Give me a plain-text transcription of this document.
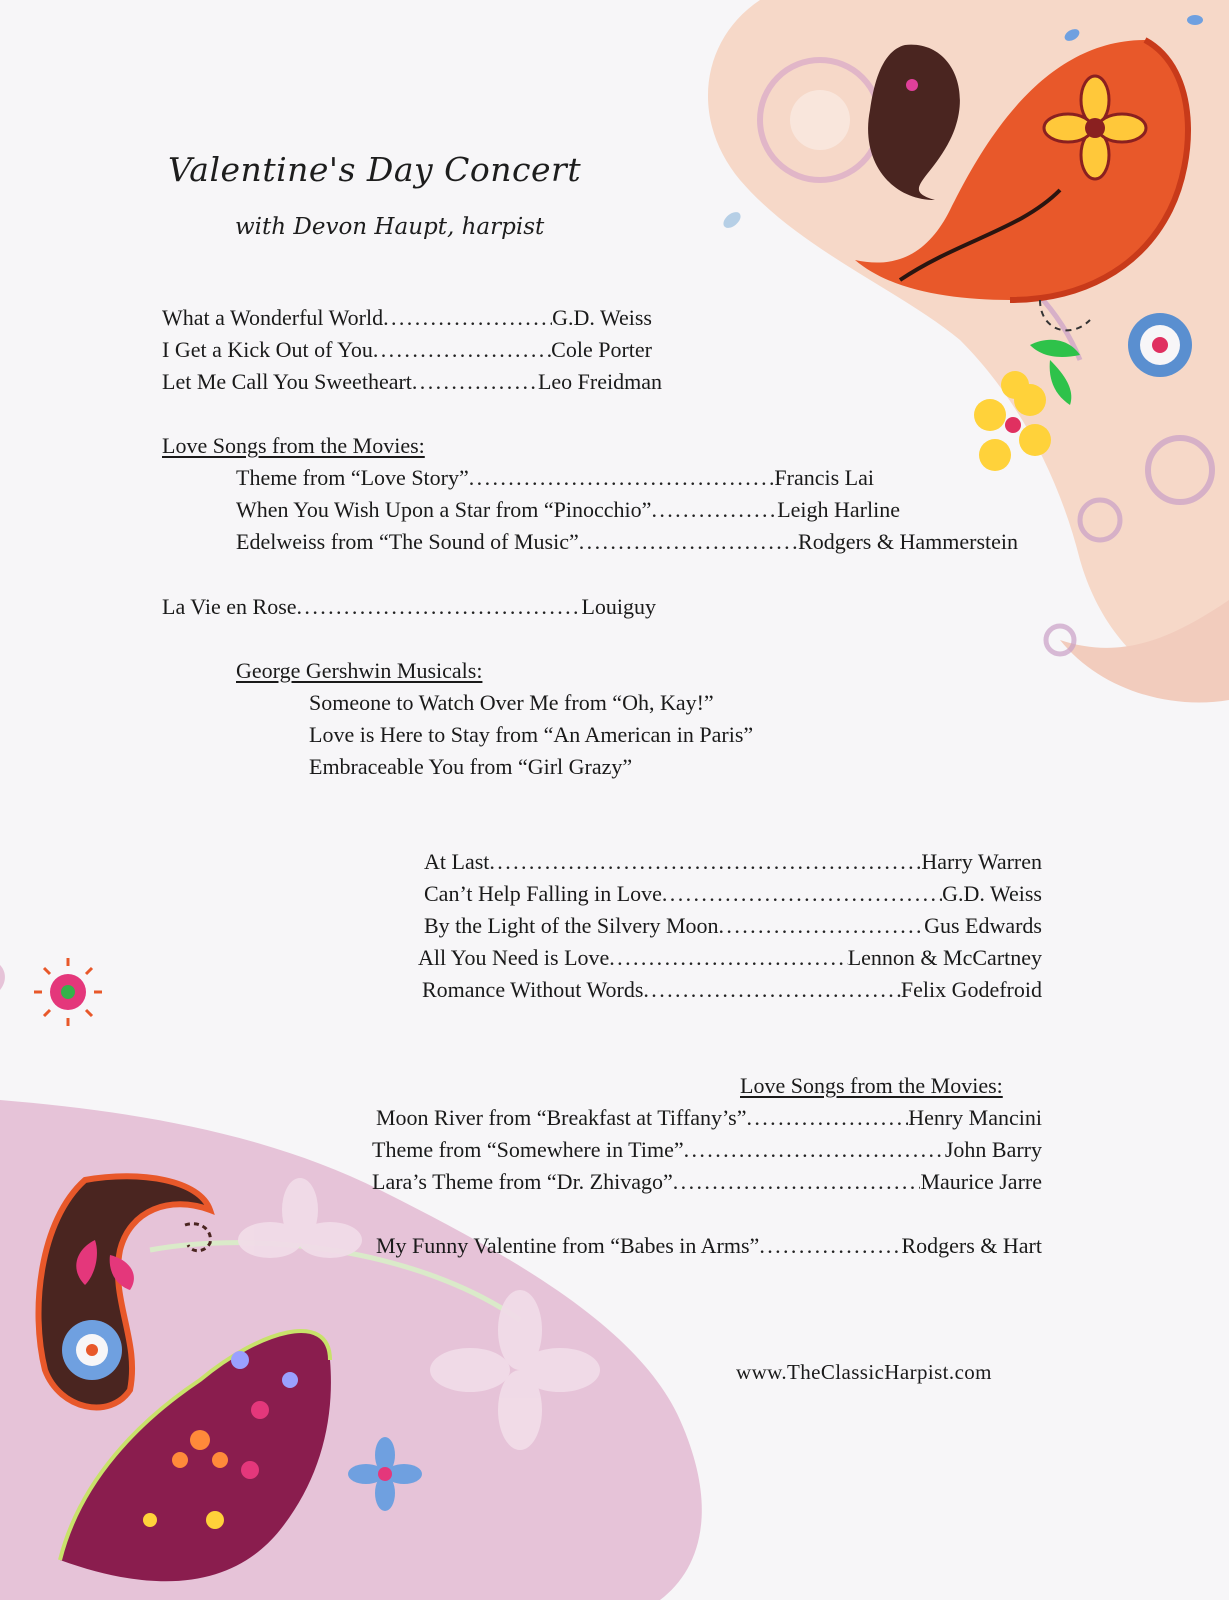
Valentine's Day Concert
with Devon Haupt, harpist
What a Wonderful World .....	G.D. Weiss
I Get a Kick Out of You .....	Cole Porter
Let Me Call You Sweetheart .....	Leo Freidman
Love Songs from the Movies:
Theme from “Love Story” .....	Francis Lai
When You Wish Upon a Star from “Pinocchio” .....	Leigh Harline
Edelweiss from “The Sound of Music” .....	Rodgers & Hammerstein
La Vie en Rose .....	Louiguy
George Gershwin Musicals:
Someone to Watch Over Me from “Oh, Kay!”
Love is Here to Stay from “An American in Paris”
Embraceable You from “Girl Grazy”
At Last .....	Harry Warren
Can’t Help Falling in Love .....	G.D. Weiss
By the Light of the Silvery Moon .....	Gus Edwards
All You Need is Love .....	Lennon & McCartney
Romance Without Words .....	Felix Godefroid
Love Songs from the Movies:
Moon River from “Breakfast at Tiffany’s” .....	Henry Mancini
Theme from “Somewhere in Time” .....	John Barry
Lara’s Theme from “Dr. Zhivago” .....	Maurice Jarre
My Funny Valentine from “Babes in Arms” .....	Rodgers & Hart
www.TheClassicHarpist.com
